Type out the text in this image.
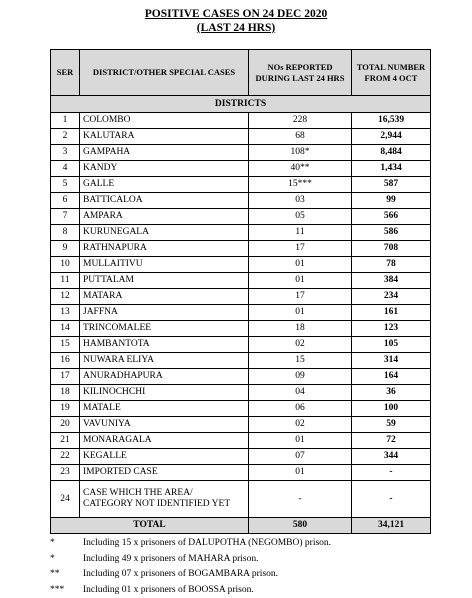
POSITIVE CASES ON 24 DEC 2020
(LAST 24 HRS)
SER	DISTRICT/OTHER SPECIAL CASES	NOs REPORTED DURING LAST 24 HRS	TOTAL NUMBER FROM 4 OCT
DISTRICTS			
1	COLOMBO	228	16,539
2	KALUTARA	68	2,944
3	GAMPAHA	108*	8,484
4	KANDY	40**	1,434
5	GALLE	15***	587
6	BATTICALOA	03	99
7	AMPARA	05	566
8	KURUNEGALA	11	586
9	RATHNAPURA	17	708
10	MULLAITIVU	01	78
11	PUTTALAM	01	384
12	MATARA	17	234
13	JAFFNA	01	161
14	TRINCOMALEE	18	123
15	HAMBANTOTA	02	105
16	NUWARA ELIYA	15	314
17	ANURADHAPURA	09	164
18	KILINOCHCHI	04	36
19	MATALE	06	100
20	VAVUNIYA	02	59
21	MONARAGALA	01	72
22	KEGALLE	07	344
23	IMPORTED CASE	01	-
24	CASE WHICH THE AREA/ CATEGORY NOT IDENTIFIED YET	-	-
TOTAL		580	34,121
*	Including 15 x prisoners of DALUPOTHA (NEGOMBO) prison.
*	Including 49 x prisoners of MAHARA prison.
**	Including 07 x prisoners of BOGAMBARA prison.
***	Including 01 x prisoners of BOOSSA prison.
